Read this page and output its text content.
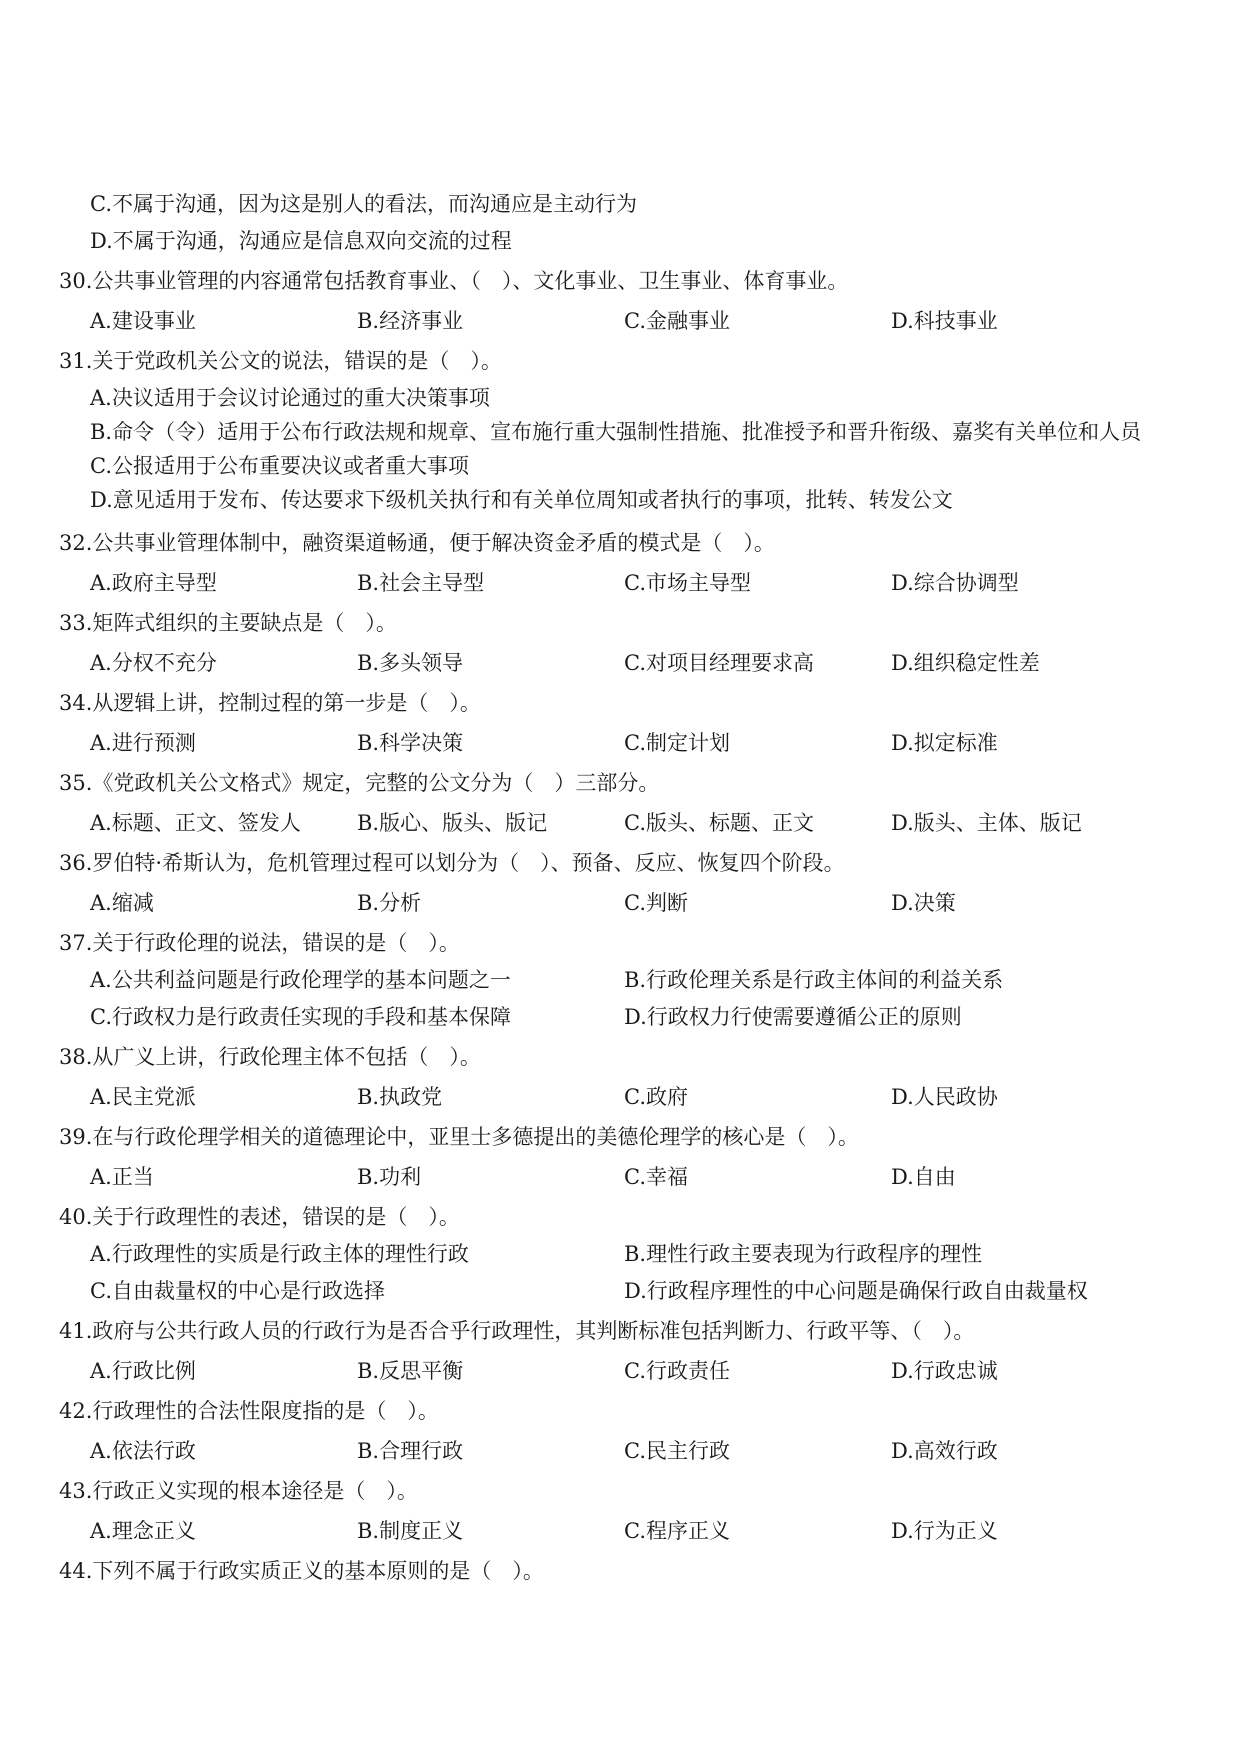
C.不属于沟通，因为这是别人的看法，而沟通应是主动行为
D.不属于沟通，沟通应是信息双向交流的过程
30.公共事业管理的内容通常包括教育事业、（　）、文化事业、卫生事业、体育事业。
A.建设事业	B.经济事业	C.金融事业	D.科技事业
31.关于党政机关公文的说法，错误的是（　）。
A.决议适用于会议讨论通过的重大决策事项
B.命令（令）适用于公布行政法规和规章、宣布施行重大强制性措施、批准授予和晋升衔级、嘉奖有关单位和人员
C.公报适用于公布重要决议或者重大事项
D.意见适用于发布、传达要求下级机关执行和有关单位周知或者执行的事项，批转、转发公文
32.公共事业管理体制中，融资渠道畅通，便于解决资金矛盾的模式是（　）。
A.政府主导型	B.社会主导型	C.市场主导型	D.综合协调型
33.矩阵式组织的主要缺点是（　）。
A.分权不充分	B.多头领导	C.对项目经理要求高	D.组织稳定性差
34.从逻辑上讲，控制过程的第一步是（　）。
A.进行预测	B.科学决策	C.制定计划	D.拟定标准
35.《党政机关公文格式》规定，完整的公文分为（　）三部分。
A.标题、正文、签发人	B.版心、版头、版记	C.版头、标题、正文	D.版头、主体、版记
36.罗伯特·希斯认为，危机管理过程可以划分为（　）、预备、反应、恢复四个阶段。
A.缩减	B.分析	C.判断	D.决策
37.关于行政伦理的说法，错误的是（　）。
A.公共利益问题是行政伦理学的基本问题之一	B.行政伦理关系是行政主体间的利益关系
C.行政权力是行政责任实现的手段和基本保障	D.行政权力行使需要遵循公正的原则
38.从广义上讲，行政伦理主体不包括（　）。
A.民主党派	B.执政党	C.政府	D.人民政协
39.在与行政伦理学相关的道德理论中，亚里士多德提出的美德伦理学的核心是（　）。
A.正当	B.功利	C.幸福	D.自由
40.关于行政理性的表述，错误的是（　）。
A.行政理性的实质是行政主体的理性行政	B.理性行政主要表现为行政程序的理性
C.自由裁量权的中心是行政选择	D.行政程序理性的中心问题是确保行政自由裁量权
41.政府与公共行政人员的行政行为是否合乎行政理性，其判断标准包括判断力、行政平等、（　）。
A.行政比例	B.反思平衡	C.行政责任	D.行政忠诚
42.行政理性的合法性限度指的是（　）。
A.依法行政	B.合理行政	C.民主行政	D.高效行政
43.行政正义实现的根本途径是（　）。
A.理念正义	B.制度正义	C.程序正义	D.行为正义
44.下列不属于行政实质正义的基本原则的是（　）。
